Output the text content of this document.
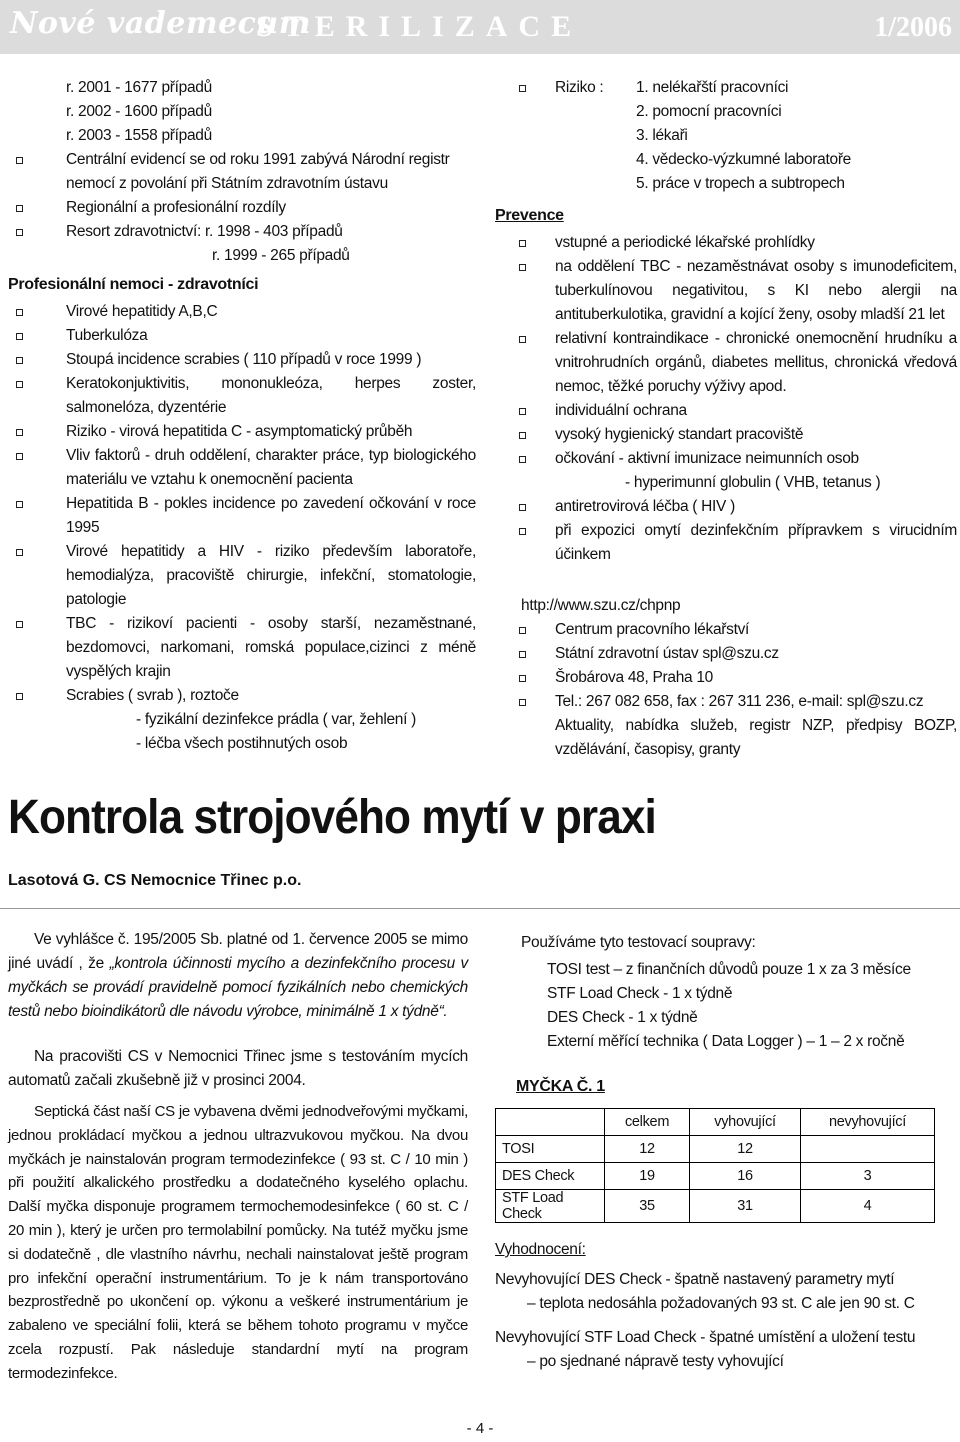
Nové vademecum
STERILIZACE	1/2006
r. 2001 - 1677 případů
r. 2002 - 1600 případů
r. 2003 - 1558 případů
Centrální evidencí se od roku 1991 zabývá Národní registr
nemocí z povolání při Státním zdravotním ústavu
Regionální a profesionální rozdíly
Resort zdravotnictví: r. 1998 - 403 případů
r. 1999 - 265 případů
Profesionální nemoci - zdravotníci
Virové hepatitidy A,B,C
Tuberkulóza
Stoupá incidence scrabies ( 110 případů v roce 1999 )
Keratokonjuktivitis, mononukleóza, herpes zoster, salmonelóza, dyzentérie
Riziko - virová hepatitida C - asymptomatický průběh
Vliv faktorů - druh oddělení, charakter práce, typ biologického materiálu ve vztahu k onemocnění pacienta
Hepatitida B - pokles incidence po zavedení očkování v roce 1995
Virové hepatitidy a HIV - riziko především laboratoře, hemodialýza, pracoviště chirurgie, infekční, stomatologie, patologie
TBC - rizikoví pacienti - osoby starší, nezaměstnané, bezdomovci, narkomani, romská populace,cizinci z méně vyspělých krajin
Scrabies ( svrab ), roztoče
- fyzikální dezinfekce prádla ( var, žehlení )
- léčba všech postihnutých osob
Riziko : 1. nelékařští pracovníci
2. pomocní pracovníci
3. lékaři
4. vědecko-výzkumné laboratoře
5. práce v tropech a subtropech
Prevence
vstupné a periodické lékařské prohlídky
na oddělení TBC - nezaměstnávat osoby s imunodeficitem, tuberkulínovou negativitou, s KI nebo alergii na antituberkulotika, gravidní a kojící ženy, osoby mladší 21 let
relativní kontraindikace - chronické onemocnění hrudníku a vnitrohrudních orgánů, diabetes mellitus, chronická vředová nemoc, těžké poruchy výživy apod.
individuální ochrana
vysoký hygienický standart pracoviště
očkování - aktivní imunizace neimunních osob
- hyperimunní globulin ( VHB, tetanus )
antiretrovirová léčba ( HIV )
při expozici omytí dezinfekčním přípravkem s virucidním účinkem
http://www.szu.cz/chpnp
Centrum pracovního lékařství
Státní zdravotní ústav spl@szu.cz
Šrobárova 48, Praha 10
Tel.: 267 082 658, fax : 267 311 236, e-mail: spl@szu.cz
Aktuality, nabídka služeb, registr NZP, předpisy BOZP, vzdělávání, časopisy, granty
Kontrola strojového mytí v praxi
Lasotová G. CS Nemocnice Třinec p.o.
Ve vyhlášce č. 195/2005 Sb. platné od 1. července 2005 se mimo jiné uvádí , že „kontrola účinnosti mycího a dezinfekčního procesu v myčkách se provádí pravidelně pomocí fyzikálních nebo chemických testů nebo bioindikátorů dle návodu výrobce, minimálně 1 x týdně“.
Na pracovišti CS v Nemocnici Třinec jsme s testováním mycích automatů začali zkušebně již v prosinci 2004.
Septická část naší CS je vybavena dvěmi jednodveřovými myčkami, jednou prokládací myčkou a jednou ultrazvukovou myčkou. Na dvou myčkách je nainstalován program termodezinfekce ( 93 st. C / 10 min ) při použití alkalického prostředku a dodatečného kyselého oplachu. Další myčka disponuje programem termochemodesinfekce ( 60 st. C / 20 min ), který je určen pro termolabilní pomůcky. Na tutéž myčku jsme si dodatečně , dle vlastního návrhu, nechali nainstalovat ještě program pro infekční operační instrumentárium. To je k nám transportováno bezprostředně po ukončení op. výkonu a veškeré instrumentárium je zabaleno ve speciální folii, která se během tohoto programu v myčce zcela rozpustí. Pak následuje standardní mytí na program termodezinfekce.
Používáme tyto testovací soupravy:
TOSI test – z finančních důvodů pouze 1 x za 3 měsíce
STF Load Check - 1 x týdně
DES Check - 1 x týdně
Externí měřící technika ( Data Logger ) – 1 – 2 x ročně
MYČKA Č. 1
	celkem	vyhovující	nevyhovující
TOSI	12	12	
DES Check	19	16	3
STF Load Check	35	31	4
Vyhodnocení:
Nevyhovující DES Check - špatně nastavený parametry mytí
– teplota nedosáhla požadovaných 93 st. C ale jen 90 st. C
Nevyhovující STF Load Check - špatné umístění a uložení testu
– po sjednané nápravě testy vyhovující
- 4 -
